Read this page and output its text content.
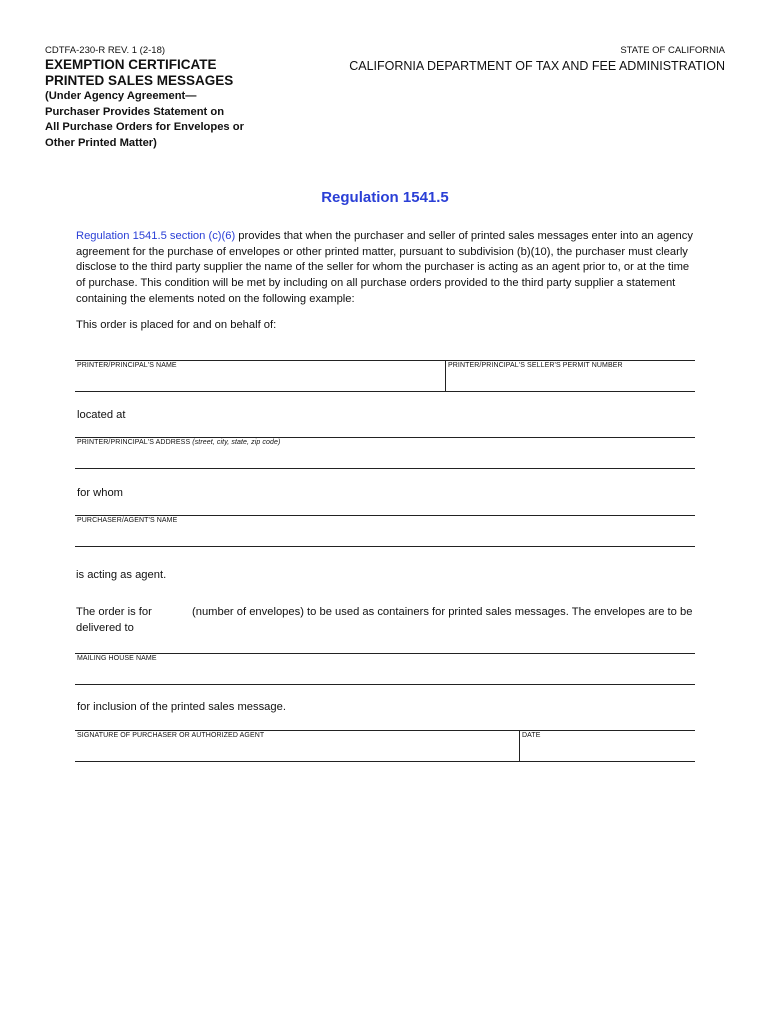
CDTFA-230-R REV. 1 (2-18)	STATE OF CALIFORNIA
EXEMPTION CERTIFICATE
PRINTED SALES MESSAGES
CALIFORNIA DEPARTMENT OF TAX AND FEE ADMINISTRATION
(Under Agency Agreement—
Purchaser Provides Statement on
All Purchase Orders for Envelopes or
Other Printed Matter)
Regulation 1541.5
Regulation 1541.5 section (c)(6) provides that when the purchaser and seller of printed sales messages enter into an agency agreement for the purchase of envelopes or other printed matter, pursuant to subdivision (b)(10), the purchaser must clearly disclose to the third party supplier the name of the seller for whom the purchaser is acting as an agent prior to, or at the time of purchase. This condition will be met by including on all purchase orders provided to the third party supplier a statement containing the elements noted on the following example:
This order is placed for and on behalf of:
PRINTER/PRINCIPAL'S NAME	PRINTER/PRINCIPAL'S SELLER'S PERMIT NUMBER
located at
PRINTER/PRINCIPAL'S ADDRESS (street, city, state, zip code)
for whom
PURCHASER/AGENT'S NAME
is acting as agent.
The order is for	(number of envelopes) to be used as containers for printed sales messages. The envelopes are to be
delivered to
MAILING HOUSE NAME
for inclusion of the printed sales message.
SIGNATURE OF PURCHASER OR AUTHORIZED AGENT	DATE
